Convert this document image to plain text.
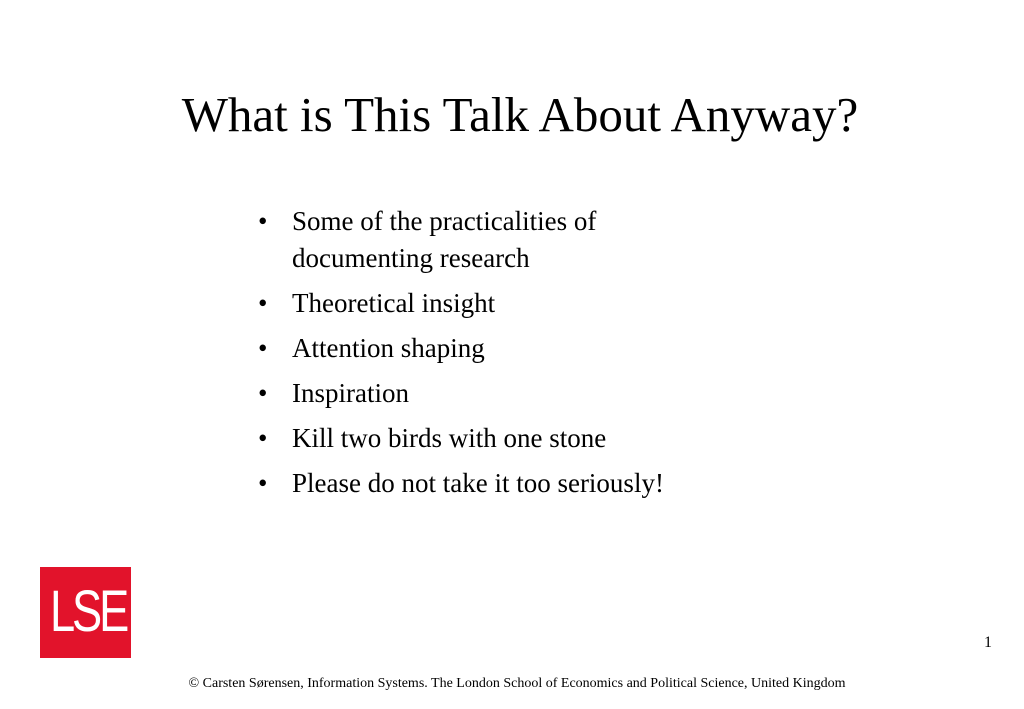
What is This Talk About Anyway?
• Some of the practicalities of documenting research
• Theoretical insight
• Attention shaping
• Inspiration
• Kill two birds with one stone
• Please do not take it too seriously!
LSE	1
© Carsten Sørensen, Information Systems. The London School of Economics and Political Science, United Kingdom
